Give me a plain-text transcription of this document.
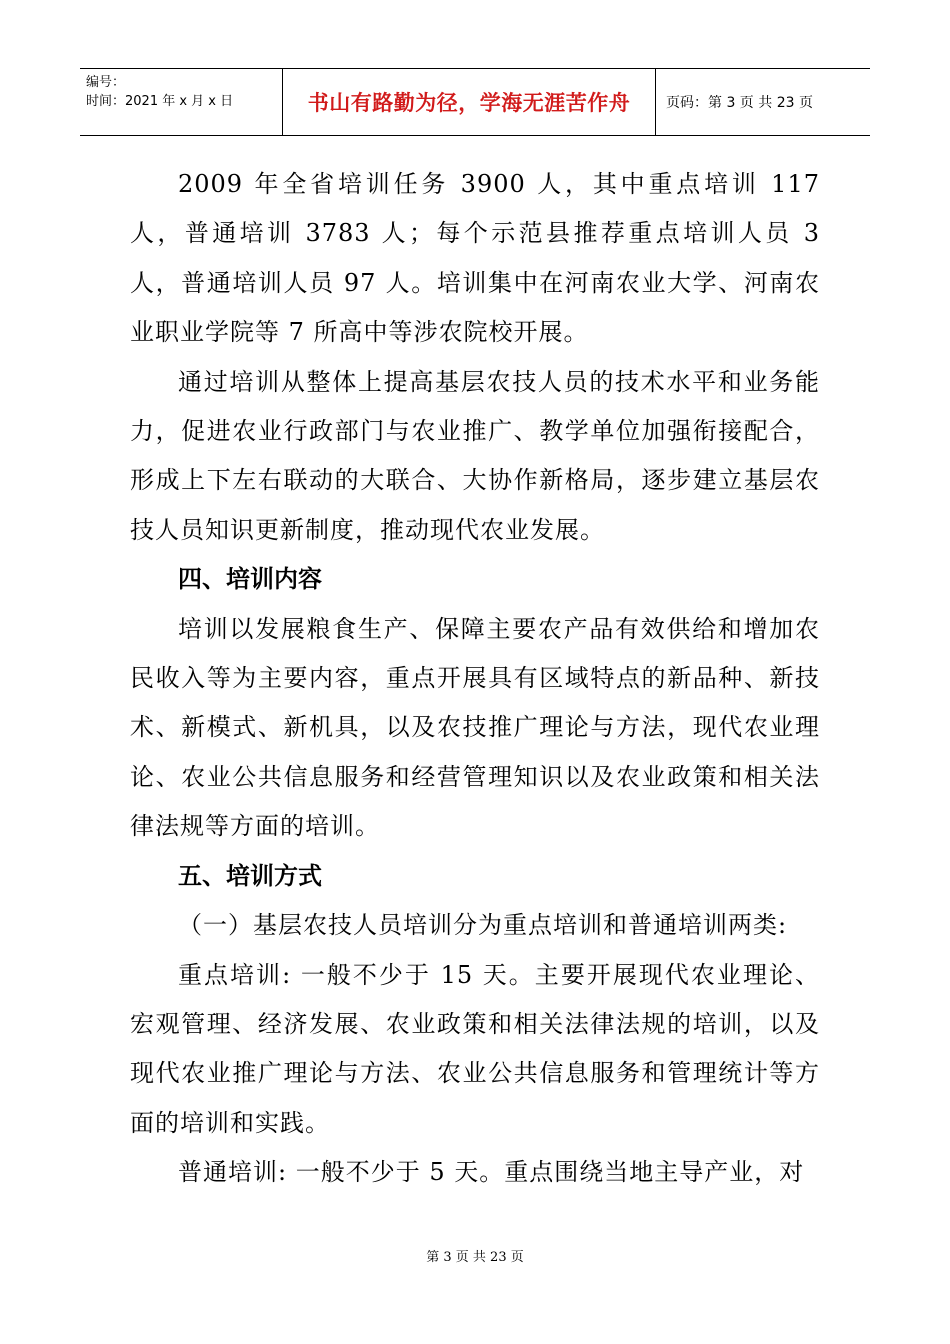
编号：
时间：2021 年 x 月 x 日	书山有路勤为径，学海无涯苦作舟	页码：第 3 页 共 23 页

2009 年全省培训任务 3900 人，其中重点培训 117 人，普通培训 3783 人；每个示范县推荐重点培训人员 3 人，普通培训人员 97 人。培训集中在河南农业大学、河南农业职业学院等 7 所高中等涉农院校开展。

通过培训从整体上提高基层农技人员的技术水平和业务能力，促进农业行政部门与农业推广、教学单位加强衔接配合，形成上下左右联动的大联合、大协作新格局，逐步建立基层农技人员知识更新制度，推动现代农业发展。

四、培训内容

培训以发展粮食生产、保障主要农产品有效供给和增加农民收入等为主要内容，重点开展具有区域特点的新品种、新技术、新模式、新机具，以及农技推广理论与方法，现代农业理论、农业公共信息服务和经营管理知识以及农业政策和相关法律法规等方面的培训。

五、培训方式

（一）基层农技人员培训分为重点培训和普通培训两类:

重点培训: 一般不少于 15 天。主要开展现代农业理论、宏观管理、经济发展、农业政策和相关法律法规的培训，以及现代农业推广理论与方法、农业公共信息服务和管理统计等方面的培训和实践。

普通培训: 一般不少于 5 天。重点围绕当地主导产业，对

第 3 页 共 23 页
